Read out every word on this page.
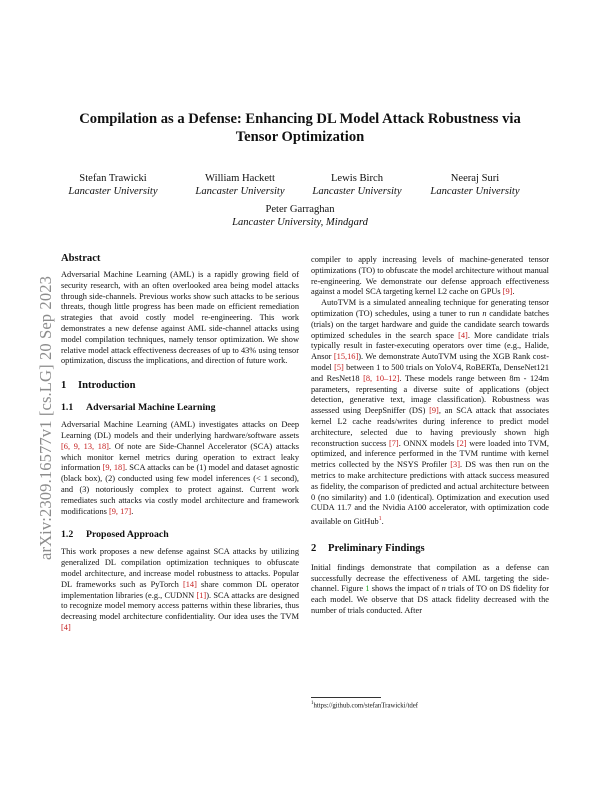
arXiv:2309.16577v1 [cs.LG] 20 Sep 2023
Compilation as a Defense: Enhancing DL Model Attack Robustness via Tensor Optimization
Stefan Trawicki
Lancaster University
William Hackett
Lancaster University
Lewis Birch
Lancaster University
Neeraj Suri
Lancaster University
Peter Garraghan
Lancaster University, Mindgard
Abstract

Adversarial Machine Learning (AML) is a rapidly growing field of security research, with an often overlooked area being model attacks through side-channels. Previous works show such attacks to be serious threats, though little progress has been made on efficient remediation strategies that avoid costly model re-engineering. This work demonstrates a new defense against AML side-channel attacks using model compilation techniques, namely tensor optimization. We show relative model attack effectiveness decreases of up to 43% using tensor optimization, discuss the implications, and direction of future work.

1 Introduction
1.1 Adversarial Machine Learning

Adversarial Machine Learning (AML) investigates attacks on Deep Learning (DL) models and their underlying hardware/software assets [6, 9, 13, 18]. Of note are Side-Channel Accelerator (SCA) attacks which monitor kernel metrics during operation to extract leaky information [9, 18]. SCA attacks can be (1) model and dataset agnostic (black box), (2) conducted using few model inferences (< 1 second), and (3) notoriously complex to protect against. Current work remediates such attacks via costly model architecture and framework modifications [9, 17].

1.2 Proposed Approach

This work proposes a new defense against SCA attacks by utilizing generalized DL compilation optimization techniques to obfuscate model architecture, and increase model robustness to attacks. Popular DL frameworks such as PyTorch [14] share common DL operator implementation libraries (e.g., CUDNN [1]). SCA attacks are designed to recognize model memory access patterns within these libraries, thus decreasing model architecture confidentiality. Our idea uses the TVM [4]

compiler to apply increasing levels of machine-generated tensor optimizations (TO) to obfuscate the model architecture without manual re-engineering. We demonstrate our defense approach effectiveness against a model SCA targeting kernel L2 cache on GPUs [9].

AutoTVM is a simulated annealing technique for generating tensor optimization (TO) schedules, using a tuner to run n candidate batches (trials) on the target hardware and guide the candidate search towards optimized schedules in the search space [4]. More candidate trials typically result in faster-executing operators over time (e.g., Halide, Ansor [15,16]). We demonstrate AutoTVM using the XGB Rank cost-model [5] between 1 to 500 trials on YoloV4, RoBERTa, DenseNet121 and ResNet18 [8, 10–12]. These models range between 8m - 124m parameters, representing a diverse suite of applications (object detection, generative text, image classification). Robustness was assessed using DeepSniffer (DS) [9], an SCA attack that associates kernel L2 cache reads/writes during inference to predict model architecture, selected due to having previously shown high reconstruction success [7]. ONNX models [2] were loaded into TVM, optimized, and inference performed in the TVM runtime with kernel metrics collected by the NSYS Profiler [3]. DS was then run on the metrics to make architecture predictions with attack success measured as fidelity, the comparison of predicted and actual architecture between 0 (no similarity) and 1.0 (identical). Optimization and execution used CUDA 11.7 and the Nvidia A100 accelerator, with optimization code available on GitHub$^1$.

2 Preliminary Findings

Initial findings demonstrate that compilation as a defense can successfully decrease the effectiveness of AML targeting the side-channel. Figure 1 shows the impact of n trials of TO on DS fidelity for each model. We observe that DS attack fidelity decreased with the number of trials conducted. After

$^1$https://github.com/stefanTrawicki/tdef
